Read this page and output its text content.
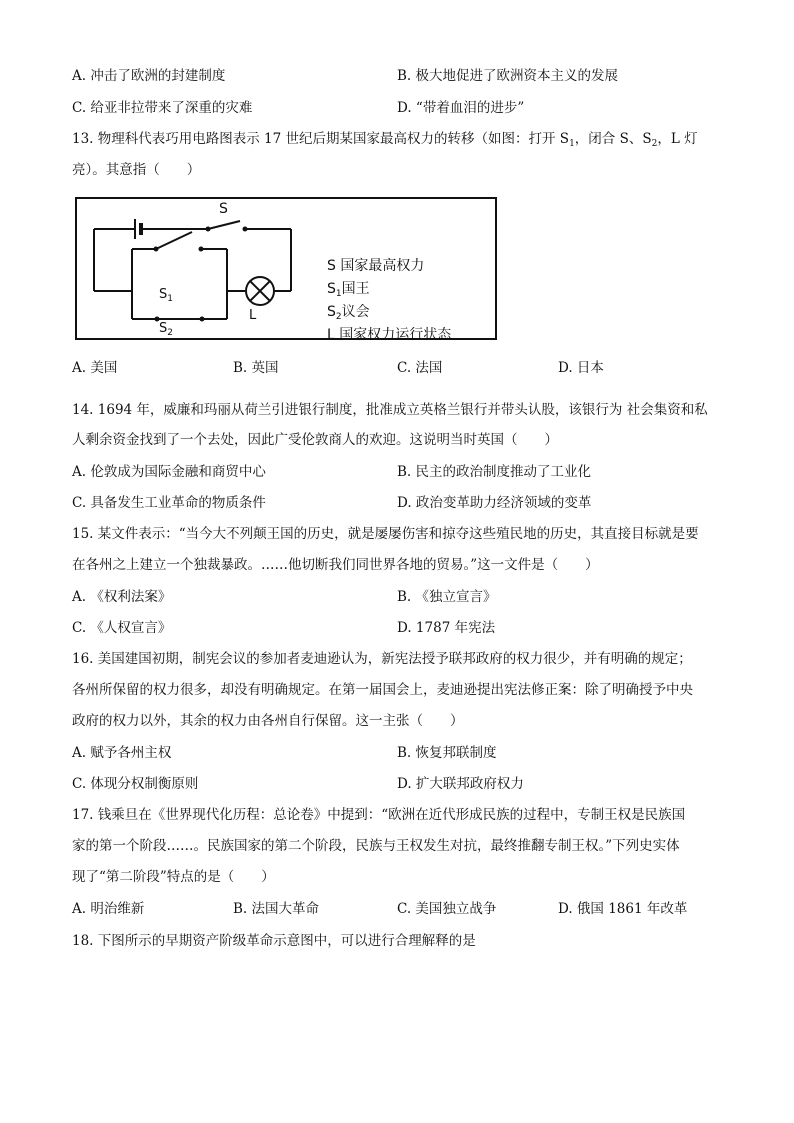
A. 冲击了欧洲的封建制度	B. 极大地促进了欧洲资本主义的发展
C. 给亚非拉带来了深重的灾难	D. “带着血泪的进步”
13. 物理科代表巧用电路图表示 17 世纪后期某国家最高权力的转移（如图：打开 $S_1$，闭合 S、$S_2$，L 灯
亮）。其意指（　　）
S
$S_1$
$S_2$
L
S 国家最高权力
$S_1$国王
$S_2$议会
L 国家权力运行状态
A. 美国	B. 英国	C. 法国	D. 日本
14. 1694 年，威廉和玛丽从荷兰引进银行制度，批准成立英格兰银行并带头认股，该银行为 社会集资和私
人剩余资金找到了一个去处，因此广受伦敦商人的欢迎。这说明当时英国（　　）
A. 伦敦成为国际金融和商贸中心	B. 民主的政治制度推动了工业化
C. 具备发生工业革命的物质条件	D. 政治变革助力经济领域的变革
15. 某文件表示：“当今大不列颠王国的历史，就是屡屡伤害和掠夺这些殖民地的历史，其直接目标就是要
在各州之上建立一个独裁暴政。……他切断我们同世界各地的贸易。”这一文件是（　　）
A. 《权利法案》	B. 《独立宣言》
C. 《人权宣言》	D. 1787 年宪法
16. 美国建国初期，制宪会议的参加者麦迪逊认为，新宪法授予联邦政府的权力很少，并有明确的规定；
各州所保留的权力很多，却没有明确规定。在第一届国会上，麦迪逊提出宪法修正案：除了明确授予中央
政府的权力以外，其余的权力由各州自行保留。这一主张（　　）
A. 赋予各州主权	B. 恢复邦联制度
C. 体现分权制衡原则	D. 扩大联邦政府权力
17. 钱乘旦在《世界现代化历程：总论卷》中提到：“欧洲在近代形成民族的过程中，专制王权是民族国
家的第一个阶段……。民族国家的第二个阶段，民族与王权发生对抗，最终推翻专制王权。”下列史实体
现了“第二阶段”特点的是（　　）
A. 明治维新	B. 法国大革命	C. 美国独立战争	D. 俄国 1861 年改革
18. 下图所示的早期资产阶级革命示意图中，可以进行合理解释的是
